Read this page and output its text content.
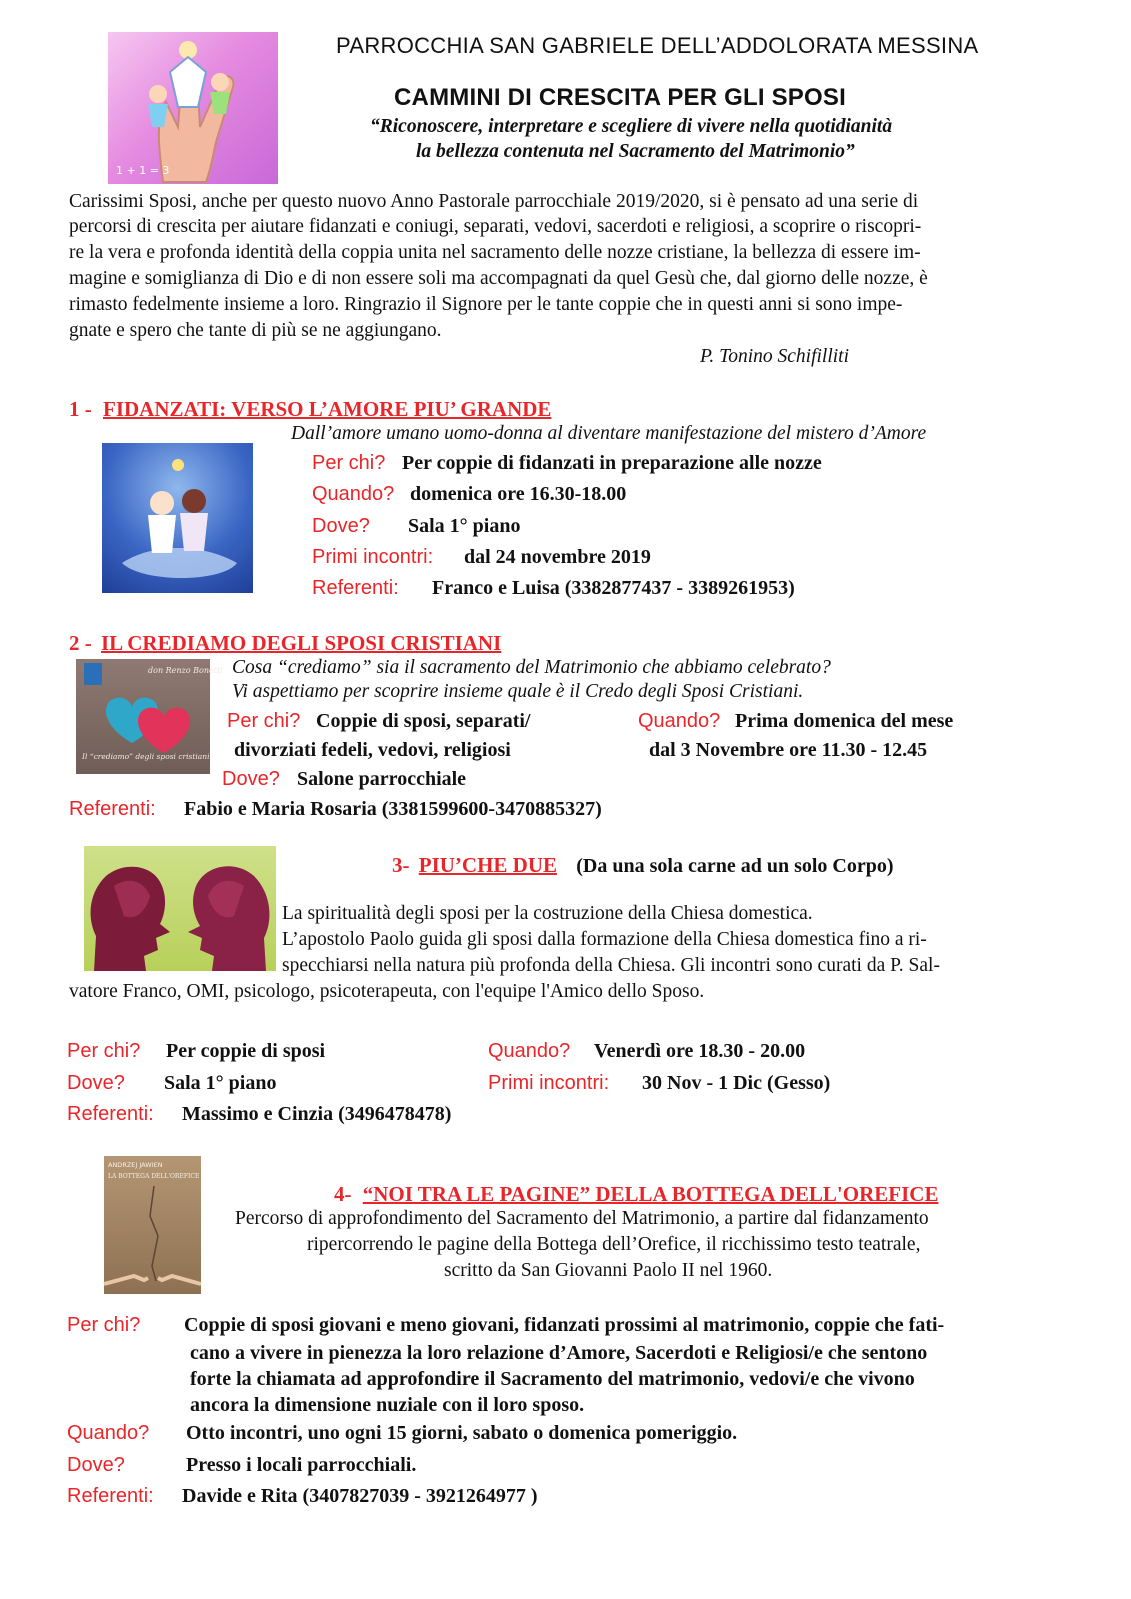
1 + 1 = 3
PARROCCHIA SAN GABRIELE DELL’ADDOLORATA MESSINA
CAMMINI DI CRESCITA PER GLI SPOSI
“Riconoscere, interpretare e scegliere di vivere nella quotidianità
la bellezza contenuta nel Sacramento del Matrimonio”
Carissimi Sposi, anche per questo nuovo Anno Pastorale parrocchiale 2019/2020, si è pensato ad una serie di
percorsi di crescita per aiutare fidanzati e coniugi, separati, vedovi, sacerdoti e religiosi, a scoprire o riscopri-
re la vera e profonda identità della coppia unita nel sacramento delle nozze cristiane, la bellezza di essere im-
magine e somiglianza di Dio e di non essere soli ma accompagnati da quel Gesù che, dal giorno delle nozze, è
rimasto fedelmente insieme a loro. Ringrazio il Signore per le tante coppie che in questi anni si sono impe-
gnate e spero che tante di più se ne aggiungano.
P. Tonino Schifilliti
1 - FIDANZATI: VERSO L’AMORE PIU’ GRANDE
Dall’amore umano uomo-donna al diventare manifestazione del mistero d’Amore
Per chi? Per coppie di fidanzati in preparazione alle nozze
Quando? domenica ore 16.30-18.00
Dove? Sala 1° piano
Primi incontri: dal 24 novembre 2019
Referenti: Franco e Luisa (3382877437 - 3389261953)
2 - IL CREDIAMO DEGLI SPOSI CRISTIANI
don Renzo Bonetti
Il “crediamo” degli sposi cristiani
Cosa “crediamo” sia il sacramento del Matrimonio che abbiamo celebrato?
Vi aspettiamo per scoprire insieme quale è il Credo degli Sposi Cristiani.
Per chi? Coppie di sposi, separati/
divorziati fedeli, vedovi, religiosi
Quando? Prima domenica del mese
dal 3 Novembre ore 11.30 - 12.45
Dove? Salone parrocchiale
Referenti: Fabio e Maria Rosaria (3381599600-3470885327)
3- PIU’CHE DUE (Da una sola carne ad un solo Corpo)
La spiritualità degli sposi per la costruzione della Chiesa domestica.
L’apostolo Paolo guida gli sposi dalla formazione della Chiesa domestica fino a ri-
specchiarsi nella natura più profonda della Chiesa. Gli incontri sono curati da P. Sal-
vatore Franco, OMI, psicologo, psicoterapeuta, con l'equipe l'Amico dello Sposo.
Per chi? Per coppie di sposi	Quando? Venerdì ore 18.30 - 20.00
Dove? Sala 1° piano	Primi incontri: 30 Nov - 1 Dic (Gesso)
Referenti: Massimo e Cinzia (3496478478)
ANDRZEJ JAWIEN
LA BOTTEGA DELL'OREFICE
4- “NOI TRA LE PAGINE” DELLA BOTTEGA DELL'OREFICE
Percorso di approfondimento del Sacramento del Matrimonio, a partire dal fidanzamento
ripercorrendo le pagine della Bottega dell’Orefice, il ricchissimo testo teatrale,
scritto da San Giovanni Paolo II nel 1960.
Per chi? Coppie di sposi giovani e meno giovani, fidanzati prossimi al matrimonio, coppie che fati-
cano a vivere in pienezza la loro relazione d’Amore, Sacerdoti e Religiosi/e che sentono
forte la chiamata ad approfondire il Sacramento del matrimonio, vedovi/e che vivono
ancora la dimensione nuziale con il loro sposo.
Quando? Otto incontri, uno ogni 15 giorni, sabato o domenica pomeriggio.
Dove?	Presso i locali parrocchiali.
Referenti: Davide e Rita (3407827039 - 3921264977 )
